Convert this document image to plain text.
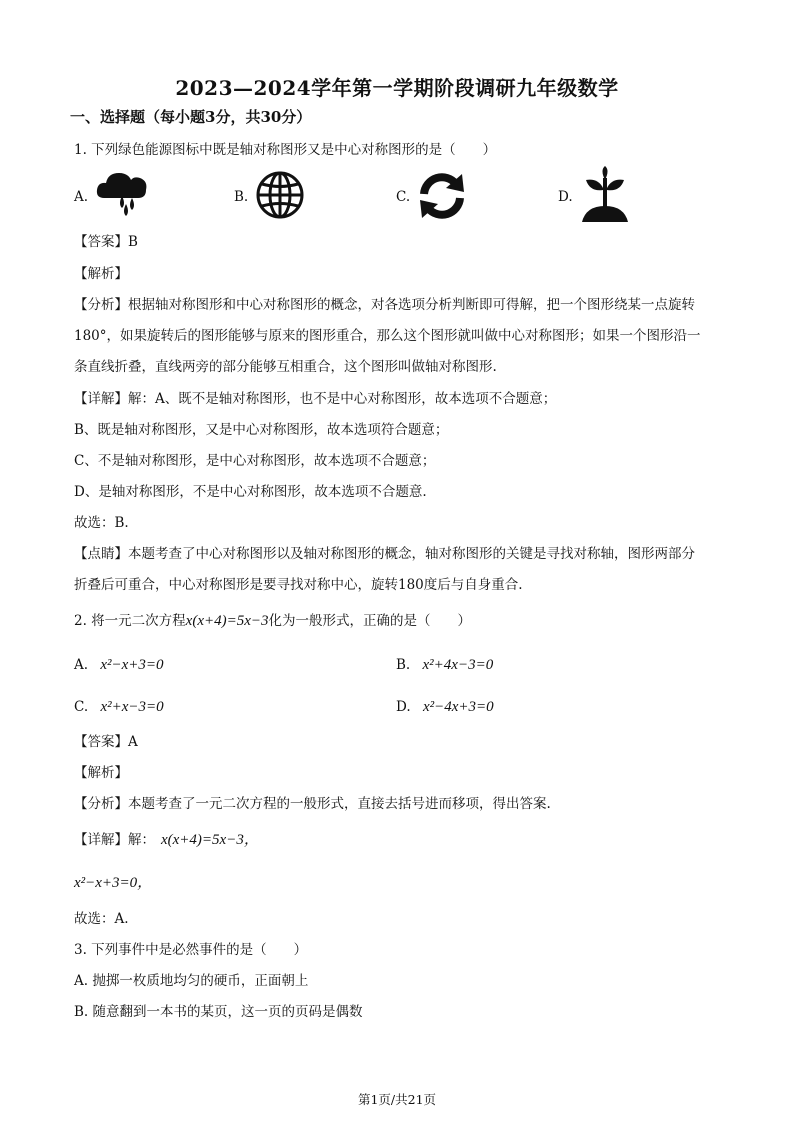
2023—2024学年第一学期阶段调研九年级数学
一、选择题（每小题3分，共30分）
1. 下列绿色能源图标中既是轴对称图形又是中心对称图形的是（　　）
A.	B.	C.	D.
【答案】B
【解析】
【分析】根据轴对称图形和中心对称图形的概念，对各选项分析判断即可得解，把一个图形绕某一点旋转
180°，如果旋转后的图形能够与原来的图形重合，那么这个图形就叫做中心对称图形；如果一个图形沿一
条直线折叠，直线两旁的部分能够互相重合，这个图形叫做轴对称图形.
【详解】解：A、既不是轴对称图形，也不是中心对称图形，故本选项不合题意；
B、既是轴对称图形，又是中心对称图形，故本选项符合题意；
C、不是轴对称图形，是中心对称图形，故本选项不合题意；
D、是轴对称图形，不是中心对称图形，故本选项不合题意.
故选：B.
【点睛】本题考查了中心对称图形以及轴对称图形的概念，轴对称图形的关键是寻找对称轴，图形两部分
折叠后可重合，中心对称图形是要寻找对称中心，旋转180度后与自身重合.
2. 将一元二次方程x(x+4)=5x−3化为一般形式，正确的是（　　）
A. x²−x+3=0	B. x²+4x−3=0
C. x²+x−3=0	D. x²−4x+3=0
【答案】A
【解析】
【分析】本题考查了一元二次方程的一般形式，直接去括号进而移项，得出答案.
【详解】解： x(x+4)=5x−3，
x²−x+3=0，
故选：A.
3. 下列事件中是必然事件的是（　　）
A. 抛掷一枚质地均匀的硬币，正面朝上
B. 随意翻到一本书的某页，这一页的页码是偶数
第1页/共21页
